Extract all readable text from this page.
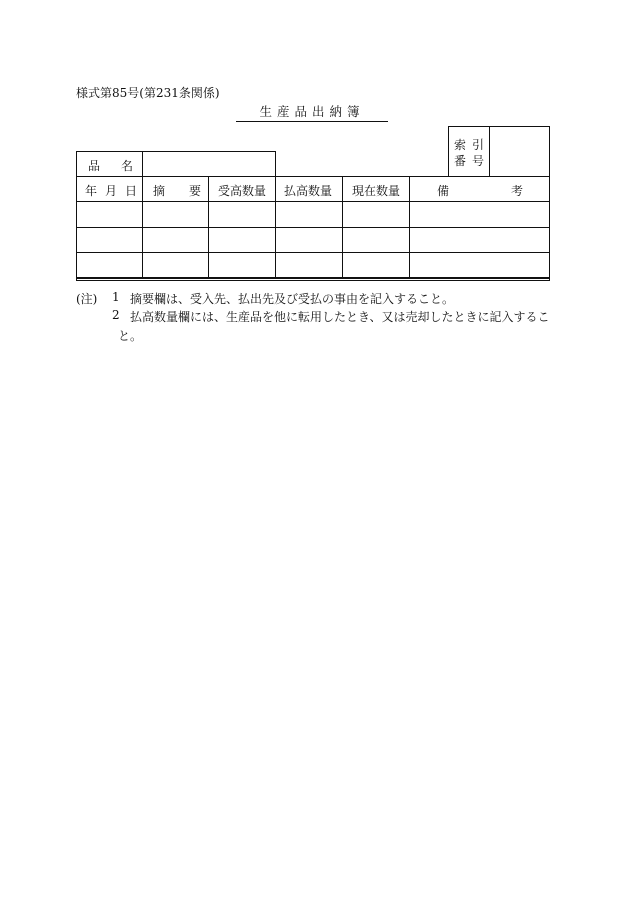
様式第85号(第231条関係)
生産品出納簿
索引
番号
品名
年月日 摘要
受高数量 払高数量 現在数量	備考
(注) 1 摘要欄は、受入先、払出先及び受払の事由を記入すること。
2 払高数量欄には、生産品を他に転用したとき、又は売却したときに記入するこ
と。
